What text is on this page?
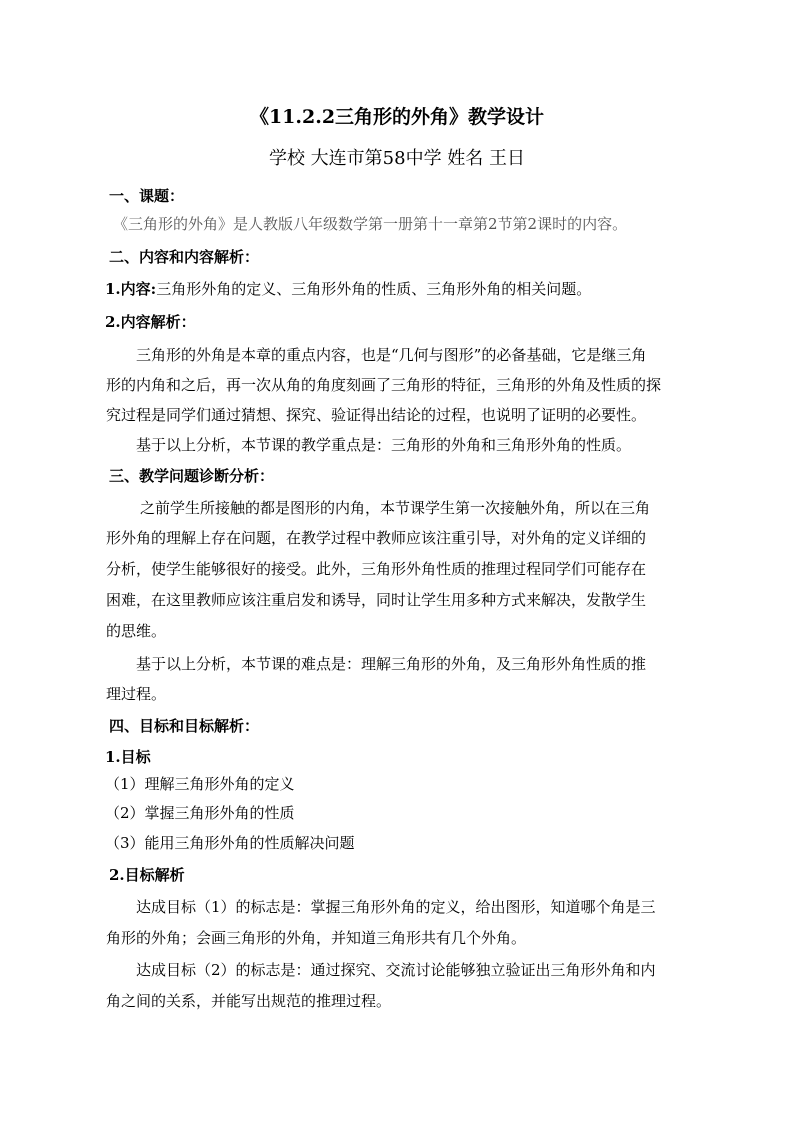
《11.2.2三角形的外角》教学设计
学校 大连市第58中学 姓名 王日
一、课题：
《三角形的外角》是人教版八年级数学第一册第十一章第2节第2课时的内容。
二、内容和内容解析：
1.内容:三角形外角的定义、三角形外角的性质、三角形外角的相关问题。
2.内容解析：
三角形的外角是本章的重点内容，也是“几何与图形”的必备基础，它是继三角
形的内角和之后，再一次从角的角度刻画了三角形的特征，三角形的外角及性质的探
究过程是同学们通过猜想、探究、验证得出结论的过程，也说明了证明的必要性。
基于以上分析，本节课的教学重点是：三角形的外角和三角形外角的性质。
三、教学问题诊断分析：
之前学生所接触的都是图形的内角，本节课学生第一次接触外角，所以在三角
形外角的理解上存在问题，在教学过程中教师应该注重引导，对外角的定义详细的
分析，使学生能够很好的接受。此外，三角形外角性质的推理过程同学们可能存在
困难，在这里教师应该注重启发和诱导，同时让学生用多种方式来解决，发散学生
的思维。
基于以上分析，本节课的难点是：理解三角形的外角，及三角形外角性质的推
理过程。
四、目标和目标解析：
1.目标
（1）理解三角形外角的定义
（2）掌握三角形外角的性质
（3）能用三角形外角的性质解决问题
2.目标解析
达成目标（1）的标志是：掌握三角形外角的定义，给出图形，知道哪个角是三
角形的外角；会画三角形的外角，并知道三角形共有几个外角。
达成目标（2）的标志是：通过探究、交流讨论能够独立验证出三角形外角和内
角之间的关系，并能写出规范的推理过程。
